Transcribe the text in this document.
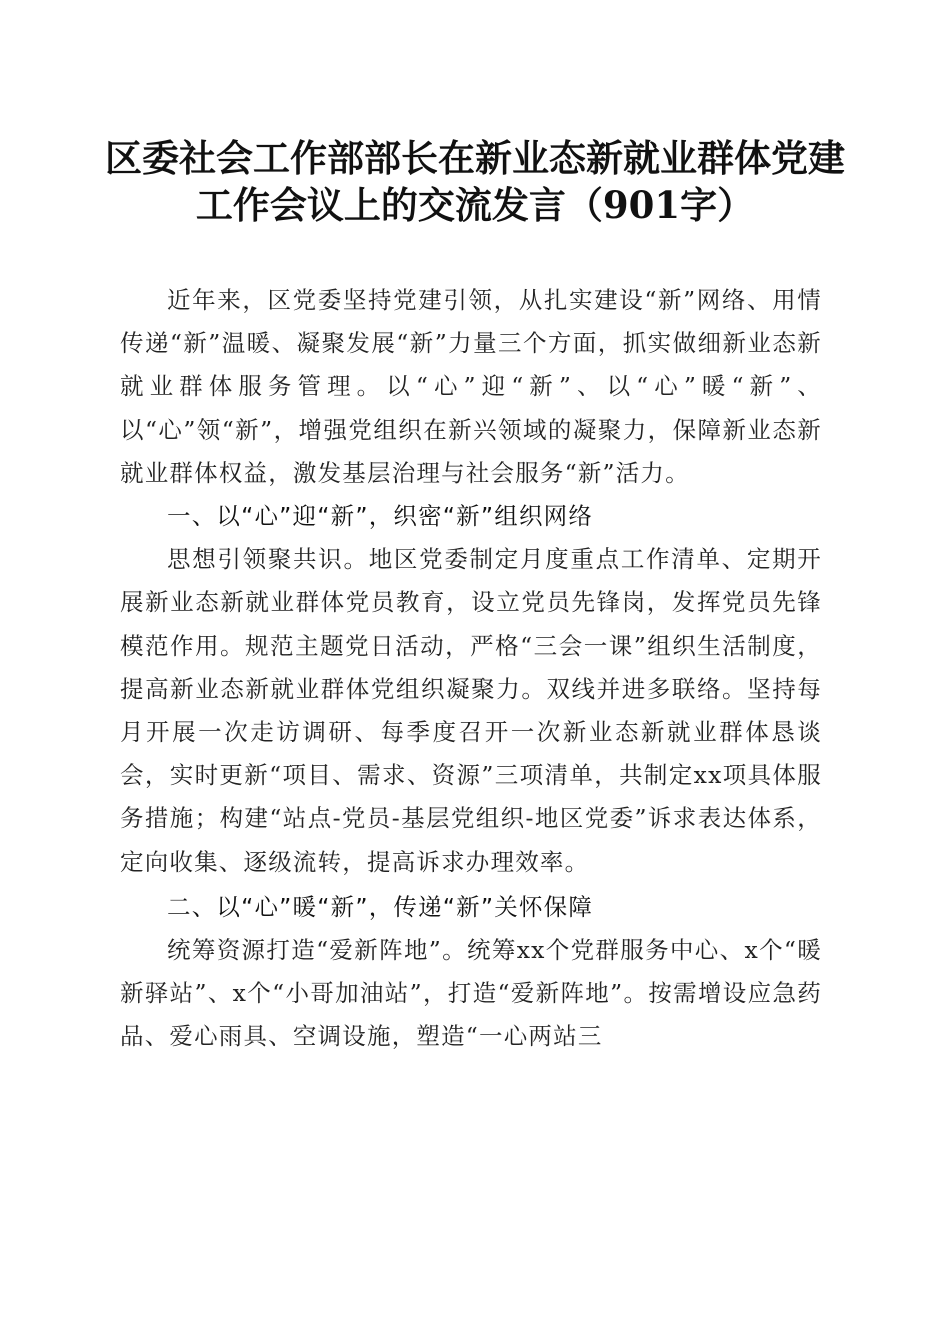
区委社会工作部部长在新业态新就业群体党建
工作会议上的交流发言（901字）

近年来，区党委坚持党建引领，从扎实建设“新”网络、用情传递“新”温暖、凝聚发展“新”力量三个方面，抓实做细新业态新就业群体服务管理。以“心”迎“新”、以“心”暖“新”、以“心”领“新”，增强党组织在新兴领域的凝聚力，保障新业态新就业群体权益，激发基层治理与社会服务“新”活力。

一、以“心”迎“新”，织密“新”组织网络

思想引领聚共识。地区党委制定月度重点工作清单、定期开展新业态新就业群体党员教育，设立党员先锋岗，发挥党员先锋模范作用。规范主题党日活动，严格“三会一课”组织生活制度，提高新业态新就业群体党组织凝聚力。双线并进多联络。坚持每月开展一次走访调研、每季度召开一次新业态新就业群体恳谈会，实时更新“项目、需求、资源”三项清单，共制定xx项具体服务措施；构建“站点-党员-基层党组织-地区党委”诉求表达体系，定向收集、逐级流转，提高诉求办理效率。

二、以“心”暖“新”，传递“新”关怀保障

统筹资源打造“爱新阵地”。统筹xx个党群服务中心、x个“暖新驿站”、x个“小哥加油站”，打造“爱新阵地”。按需增设应急药品、爱心雨具、空调设施，塑造“一心两站三
